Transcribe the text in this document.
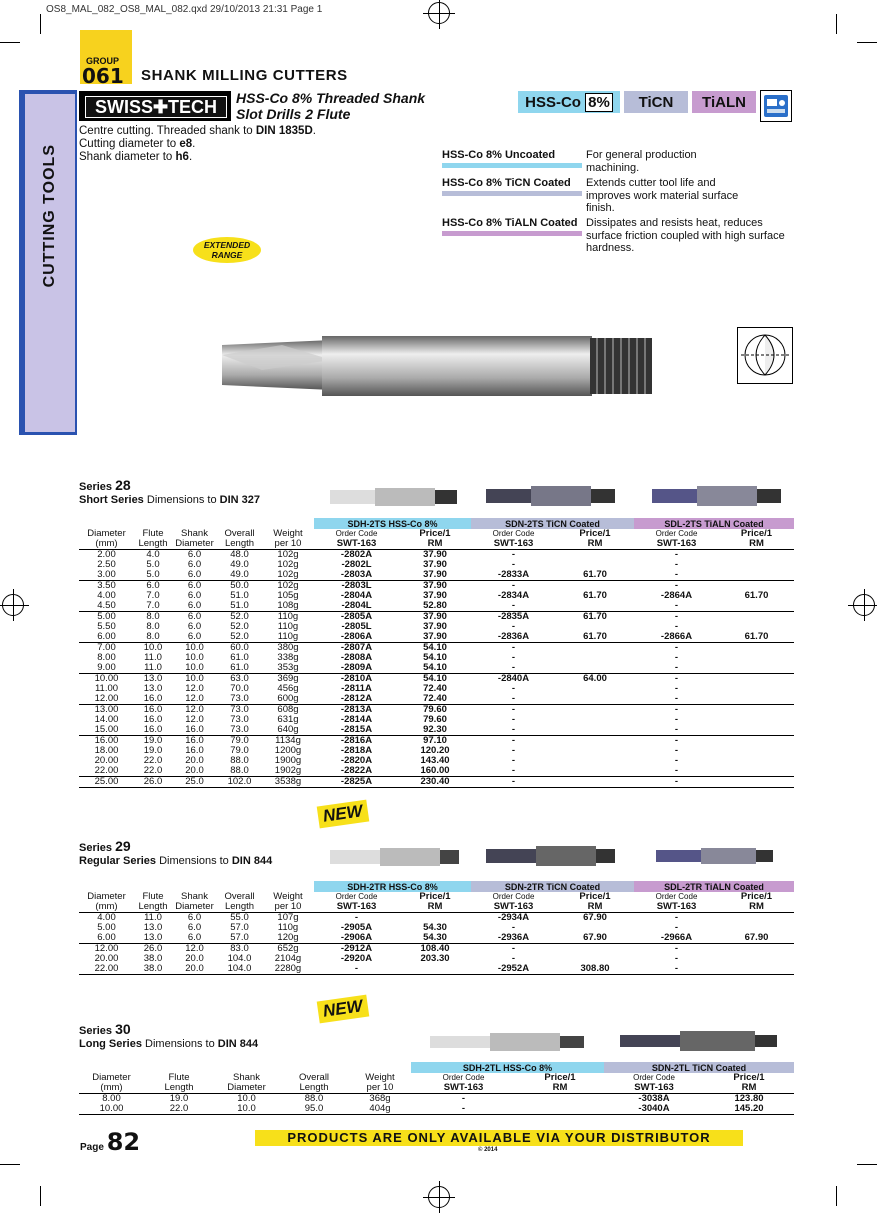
OS8_MAL_082_OS8_MAL_082.qxd 29/10/2013 21:31 Page 1
GROUP
061 SHANK MILLING CUTTERS
CUTTING TOOLS
SWISS✚TECH	HSS-Co 8% Threaded Shank
Slot Drills 2 Flute
Centre cutting. Threaded shank to DIN 1835D.
Cutting diameter to e8.
Shank diameter to h6.
HSS-Co
8%	TiCN	TiALN
HSS-Co 8% Uncoated	For general production machining.
HSS-Co 8% TiCN Coated Extends cutter tool life and improves work material surface finish.
HSS-Co 8% TiALN Coated Dissipates and resists heat, reduces surface friction coupled with high surface hardness.
EXTENDED RANGE
Series 28
Short Series Dimensions to DIN 327
					SDH-2TS HSS-Co 8%		SDN-2TS TiCN Coated		SDL-2TS TiALN Coated	
Diameter	Flute	Shank	Overall	Weight	Order Code	Price/1	Order Code	Price/1	Order Code	Price/1
(mm)	Length	Diameter	Length	per 10	SWT-163	RM	SWT-163	RM	SWT-163	RM
2.00	4.0	6.0	48.0	102g	-2802A	37.90	-		-	
2.50	5.0	6.0	49.0	102g	-2802L	37.90	-		-	
3.00	5.0	6.0	49.0	102g	-2803A	37.90	-2833A	61.70	-	
3.50	6.0	6.0	50.0	102g	-2803L	37.90	-		-	
4.00	7.0	6.0	51.0	105g	-2804A	37.90	-2834A	61.70	-2864A	61.70
4.50	7.0	6.0	51.0	108g	-2804L	52.80	-		-	
5.00	8.0	6.0	52.0	110g	-2805A	37.90	-2835A	61.70	-	
5.50	8.0	6.0	52.0	110g	-2805L	37.90	-		-	
6.00	8.0	6.0	52.0	110g	-2806A	37.90	-2836A	61.70	-2866A	61.70
7.00	10.0	10.0	60.0	380g	-2807A	54.10	-		-	
8.00	11.0	10.0	61.0	338g	-2808A	54.10	-		-	
9.00	11.0	10.0	61.0	353g	-2809A	54.10	-		-	
10.00	13.0	10.0	63.0	369g	-2810A	54.10	-2840A	64.00	-	
11.00	13.0	12.0	70.0	456g	-2811A	72.40	-		-	
12.00	16.0	12.0	73.0	600g	-2812A	72.40	-		-	
13.00	16.0	12.0	73.0	608g	-2813A	79.60	-		-	
14.00	16.0	12.0	73.0	631g	-2814A	79.60	-		-	
15.00	16.0	16.0	73.0	640g	-2815A	92.30	-		-	
16.00	19.0	16.0	79.0	1134g	-2816A	97.10	-		-	
18.00	19.0	16.0	79.0	1200g	-2818A	120.20	-		-	
20.00	22.0	20.0	88.0	1900g	-2820A	143.40	-		-	
22.00	22.0	20.0	88.0	1902g	-2822A	160.00	-		-	
25.00	26.0	25.0	102.0	3538g	-2825A	230.40	-		-	
NEW
Series 29
Regular Series Dimensions to DIN 844
					SDH-2TR HSS-Co 8%		SDN-2TR TiCN Coated		SDL-2TR TiALN Coated	
Diameter	Flute	Shank	Overall	Weight	Order Code	Price/1	Order Code	Price/1	Order Code	Price/1
(mm)	Length	Diameter	Length	per 10	SWT-163	RM	SWT-163	RM	SWT-163	RM
4.00	11.0	6.0	55.0	107g	-		-2934A	67.90	-	
5.00	13.0	6.0	57.0	110g	-2905A	54.30	-		-	
6.00	13.0	6.0	57.0	120g	-2906A	54.30	-2936A	67.90	-2966A	67.90
12.00	26.0	12.0	83.0	652g	-2912A	108.40	-		-	
20.00	38.0	20.0	104.0	2104g	-2920A	203.30	-		-	
22.00	38.0	20.0	104.0	2280g	-		-2952A	308.80	-	
NEW
Series 30
Long Series Dimensions to DIN 844
					SDH-2TL HSS-Co 8%		SDN-2TL TiCN Coated	
Diameter	Flute	Shank	Overall	Weight	Order Code	Price/1	Order Code	Price/1
(mm)	Length	Diameter	Length	per 10	SWT-163	RM	SWT-163	RM
8.00	19.0	10.0	88.0	368g	-		-3038A	123.80
10.00	22.0	10.0	95.0	404g	-		-3040A	145.20
Page 82	PRODUCTS ARE ONLY AVAILABLE VIA YOUR DISTRIBUTOR
© 2014
